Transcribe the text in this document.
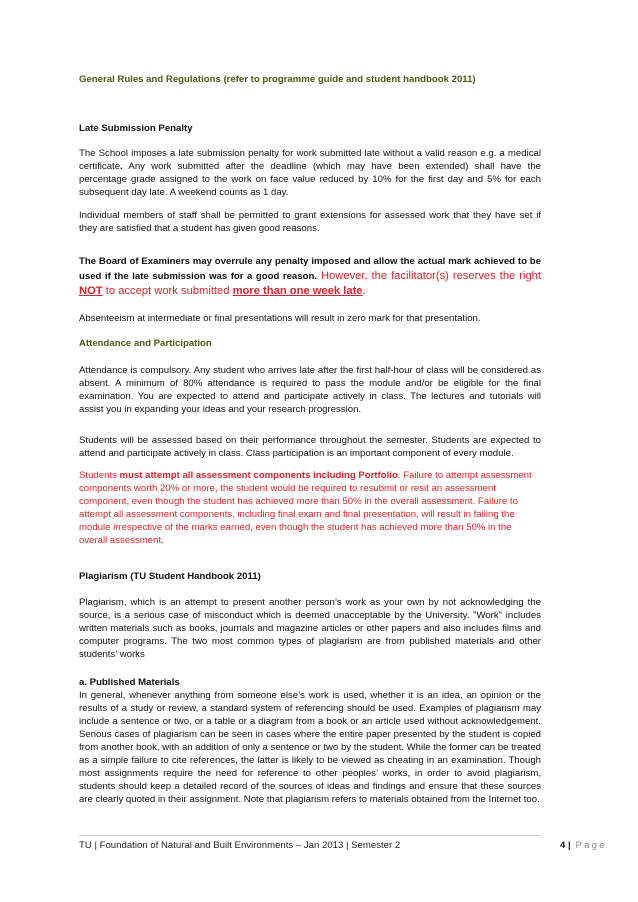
General Rules and Regulations (refer to programme guide and student handbook 2011)
Late Submission Penalty

The School imposes a late submission penalty for work submitted late without a valid reason e.g. a medical certificate. Any work submitted after the deadline (which may have been extended) shall have the percentage grade assigned to the work on face value reduced by 10% for the first day and 5% for each subsequent day late. A weekend counts as 1 day.

Individual members of staff shall be permitted to grant extensions for assessed work that they have set if they are satisfied that a student has given good reasons.

The Board of Examiners may overrule any penalty imposed and allow the actual mark achieved to be used if the late submission was for a good reason. However, the facilitator(s) reserves the right NOT to accept work submitted more than one week late.

Absenteeism at intermediate or final presentations will result in zero mark for that presentation.

Attendance and Participation

Attendance is compulsory. Any student who arrives late after the first half-hour of class will be considered as absent. A minimum of 80% attendance is required to pass the module and/or be eligible for the final examination. You are expected to attend and participate actively in class. The lectures and tutorials will assist you in expanding your ideas and your research progression.

Students will be assessed based on their performance throughout the semester. Students are expected to attend and participate actively in class. Class participation is an important component of every module.

Students must attempt all assessment components including Portfolio. Failure to attempt assessment components worth 20% or more, the student would be required to resubmit or resit an assessment component, even though the student has achieved more than 50% in the overall assessment. Failure to attempt all assessment components, including final exam and final presentation, will result in failing the module irrespective of the marks earned, even though the student has achieved more than 50% in the overall assessment.

Plagiarism (TU Student Handbook 2011)

Plagiarism, which is an attempt to present another person’s work as your own by not acknowledging the source, is a serious case of misconduct which is deemed unacceptable by the University. "Work" includes written materials such as books, journals and magazine articles or other papers and also includes films and computer programs. The two most common types of plagiarism are from published materials and other students’ works

a. Published Materials

In general, whenever anything from someone else’s work is used, whether it is an idea, an opinion or the results of a study or review, a standard system of referencing should be used. Examples of plagiarism may include a sentence or two, or a table or a diagram from a book or an article used without acknowledgement. Serious cases of plagiarism can be seen in cases where the entire paper presented by the student is copied from another book, with an addition of only a sentence or two by the student. While the former can be treated as a simple failure to cite references, the latter is likely to be viewed as cheating in an examination. Though most assignments require the need for reference to other peoples’ works, in order to avoid plagiarism, students should keep a detailed record of the sources of ideas and findings and ensure that these sources are clearly quoted in their assignment. Note that plagiarism refers to materials obtained from the Internet too.

TU | Foundation of Natural and Built Environments – Jan 2013 | Semester 2	4 | Page
